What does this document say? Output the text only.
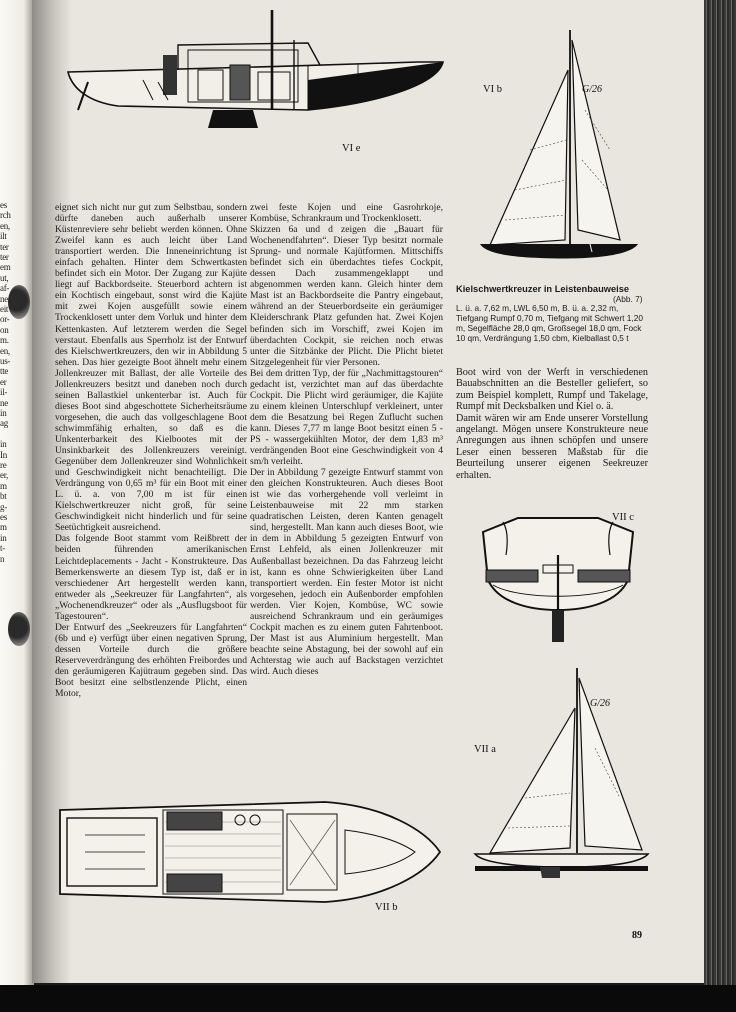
es
rch
en,
ilt
ter
ter
em
ut,
af-
nes
eit
or-
on
m.
en,
us-
tte
er
il-
ne
in
ag
in
In
re
er,
m
bt
g-
es
m
in
t-
n
VI e
VI b	G/26
Kielschwertkreuzer in Leistenbauweise
(Abb. 7)
L. ü. a. 7,62 m, LWL 6,50 m, B. ü. a. 2,32 m, Tiefgang Rumpf 0,70 m, Tiefgang mit Schwert 1,20 m, Segelfläche 28,0 qm, Großsegel 18,0 qm, Fock 10 qm, Verdrängung 1,50 cbm, Kielballast 0,5 t

eignet sich nicht nur gut zum Selbstbau, sondern dürfte daneben auch außerhalb unserer Küstenreviere sehr beliebt werden können. Ohne Zweifel kann es auch leicht über Land transportiert werden. Die Inneneinrichtung ist einfach gehalten. Hinter dem Schwertkasten befindet sich ein Motor. Der Zugang zur Kajüte liegt auf Backbordseite. Steuerbord achtern ist ein Kochtisch eingebaut, sonst wird die Kajüte mit zwei Kojen ausgefüllt sowie einem Trockenklosett unter dem Vorluk und hinter dem Kettenkasten. Auf letzterem werden die Segel verstaut. Ebenfalls aus Sperrholz ist der Entwurf des Kielschwertkreuzers, den wir in Abbildung 5 sehen. Das hier gezeigte Boot ähnelt mehr einem Jollenkreuzer mit Ballast, der alle Vorteile des Jollenkreuzers besitzt und daneben noch durch seinen Ballastkiel unkenterbar ist. Auch für dieses Boot sind abgeschottete Sicherheitsräume vorgesehen, die auch das vollgeschlagene Boot schwimmfähig erhalten, so daß es die Unkenterbarkeit des Kielbootes mit der Unsinkbarkeit des Jollenkreuzers vereinigt. Gegenüber dem Jollenkreuzer sind Wohnlichkeit und Geschwindigkeit nicht benachteiligt. Die Verdrängung von 0,65 m³ für ein Boot mit einer L. ü. a. von 7,00 m ist für einen Kielschwertkreuzer nicht groß, für seine Geschwindigkeit nicht hinderlich und für seine Seetüchtigkeit ausreichend.

Das folgende Boot stammt vom Reißbrett der beiden führenden amerikanischen Leichtdeplacements - Jacht - Konstrukteure. Das Bemerkenswerte an diesem Typ ist, daß er in verschiedener Art hergestellt werden kann, entweder als „Seekreuzer für Langfahrten“, als „Wochenendkreuzer“ oder als „Ausflugsboot für Tagestouren“.

Der Entwurf des „Seekreuzers für Langfahrten“ (6b und e) verfügt über einen negativen Sprung, dessen Vorteile durch die größere Reserveverdrängung des erhöhten Freibordes und den geräumigeren Kajütraum gegeben sind. Das Boot besitzt eine selbstlenzende Plicht, einen Motor,

zwei feste Kojen und eine Gasrohrkoje, Kombüse, Schrankraum und Trockenklosett.

Skizzen 6a und d zeigen die „Bauart für Wochenendfahrten“. Dieser Typ besitzt normale Sprung- und normale Kajütformen. Mittschiffs befindet sich ein überdachtes tiefes Cockpit, dessen Dach zusammengeklappt und abgenommen werden kann. Gleich hinter dem Mast ist an Backbordseite die Pantry eingebaut, während an der Steuerbordseite ein geräumiger Kleiderschrank Platz gefunden hat. Zwei Kojen befinden sich im Vorschiff, zwei Kojen im überdachten Cockpit, sie reichen noch etwas unter die Sitzbänke der Plicht. Die Plicht bietet Sitzgelegenheit für vier Personen.

Bei dem dritten Typ, der für „Nachmittagstouren“ gedacht ist, verzichtet man auf das überdachte Cockpit. Die Plicht wird geräumiger, die Kajüte zu einem kleinen Unterschlupf verkleinert, unter dem die Besatzung bei Regen Zuflucht suchen kann. Dieses 7,77 m lange Boot besitzt einen 5 - PS - wassergekühlten Motor, der dem 1,83 m³ verdrängenden Boot eine Geschwindigkeit von 4 sm/h verleiht.

Der in Abbildung 7 gezeigte Entwurf stammt von den gleichen Konstrukteuren. Auch dieses Boot ist wie das vorhergehende voll verleimt in Leistenbauweise mit 22 mm starken quadratischen Leisten, deren Kanten genagelt sind, hergestellt. Man kann auch dieses Boot, wie in dem in Abbildung 5 gezeigten Entwurf von Ernst Lehfeld, als einen Jollenkreuzer mit Außenballast bezeichnen. Da das Fahrzeug leicht ist, kann es ohne Schwierigkeiten über Land transportiert werden. Ein fester Motor ist nicht vorgesehen, jedoch ein Außenborder empfohlen werden. Vier Kojen, Kombüse, WC sowie ausreichend Schrankraum und ein geräumiges Cockpit machen es zu einem guten Fahrtenboot. Der Mast ist aus Aluminium hergestellt. Man beachte seine Abstagung, bei der sowohl auf ein Achterstag wie auch auf Backstagen verzichtet wird. Auch dieses

Boot wird von der Werft in verschiedenen Bauabschnitten an die Besteller geliefert, so zum Beispiel komplett, Rumpf und Takelage, Rumpf mit Decksbalken und Kiel o. ä.

Damit wären wir am Ende unserer Vorstellung angelangt. Mögen unsere Konstrukteure neue Anregungen aus ihnen schöpfen und unsere Leser einen besseren Maßstab für die Beurteilung unserer eigenen Seekreuzer erhalten.

VII c
VII a
G/26
VII b
89
